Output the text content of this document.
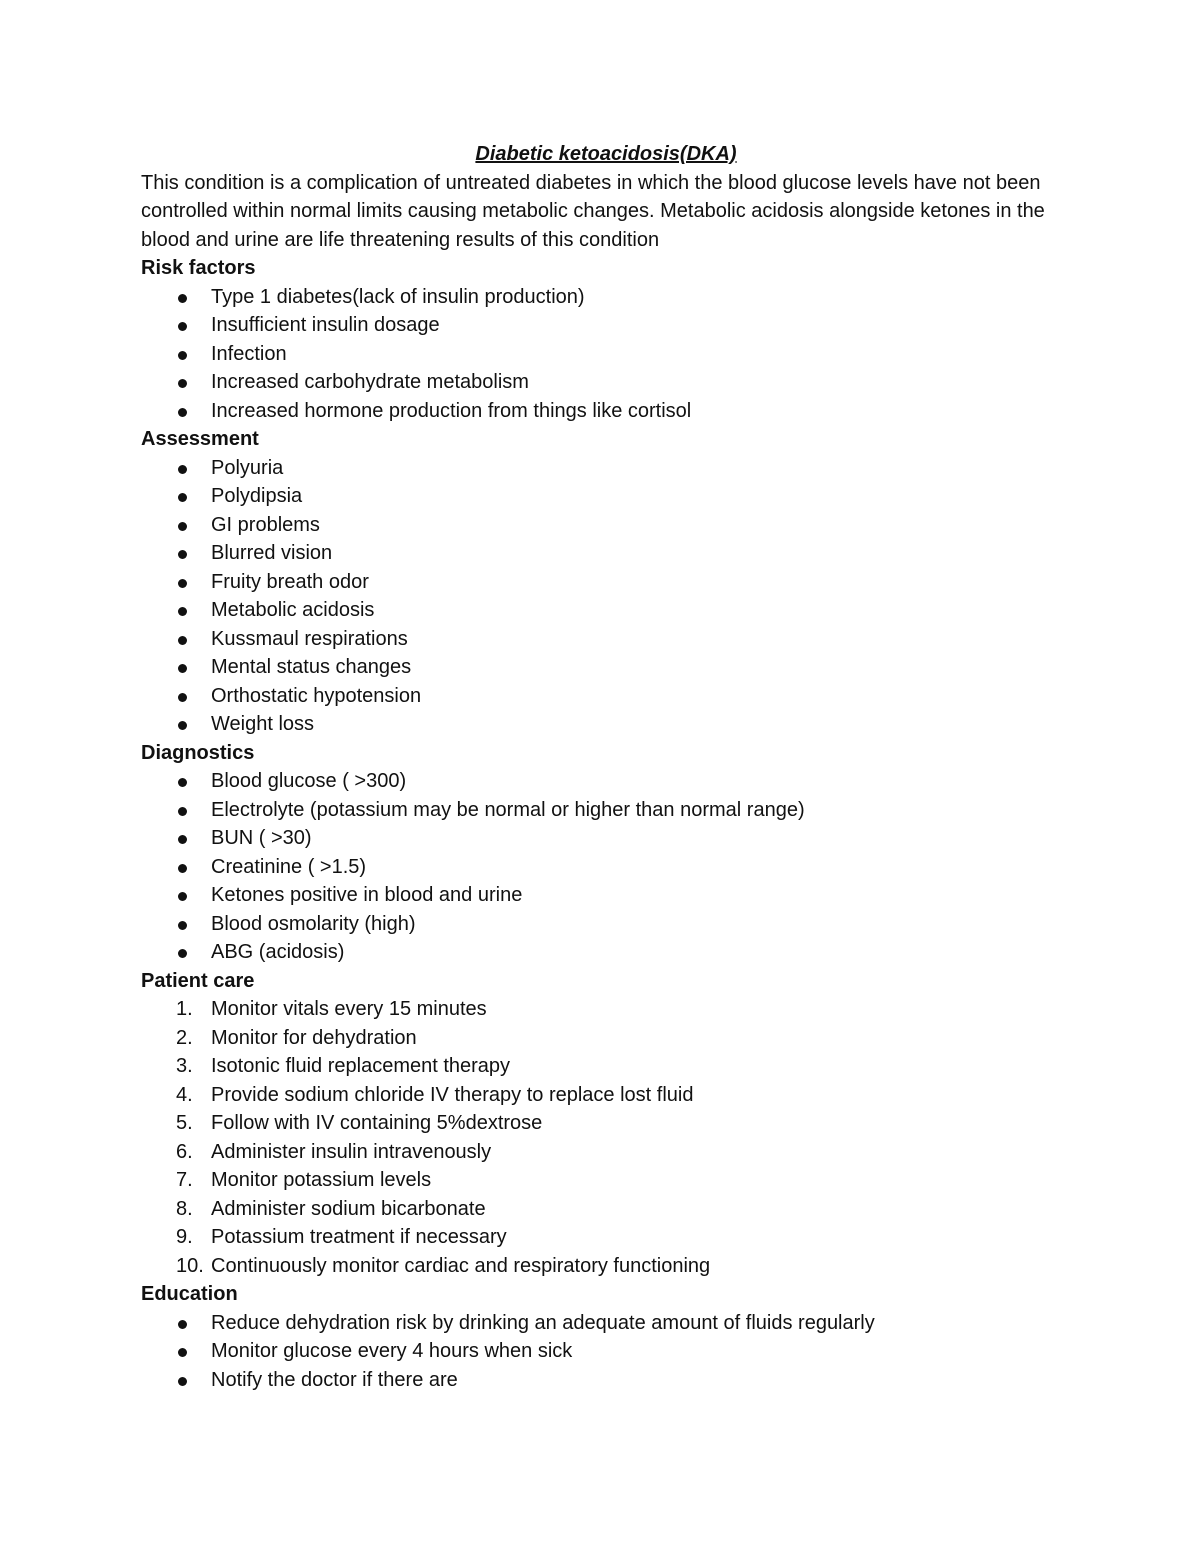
Diabetic ketoacidosis(DKA)

This condition is a complication of untreated diabetes in which the blood glucose levels have not been controlled within normal limits causing metabolic changes. Metabolic acidosis alongside ketones in the blood and urine are life threatening results of this condition

Risk factors

Type 1 diabetes(lack of insulin production)
Insufficient insulin dosage
Infection
Increased carbohydrate metabolism
Increased hormone production from things like cortisol

Assessment

Polyuria
Polydipsia
GI problems
Blurred vision
Fruity breath odor
Metabolic acidosis
Kussmaul respirations
Mental status changes
Orthostatic hypotension
Weight loss

Diagnostics

Blood glucose ( >300)
Electrolyte (potassium may be normal or higher than normal range)
BUN ( >30)
Creatinine ( >1.5)
Ketones positive in blood and urine
Blood osmolarity (high)
ABG (acidosis)

Patient care

1. Monitor vitals every 15 minutes
2. Monitor for dehydration
3. Isotonic fluid replacement therapy
4. Provide sodium chloride IV therapy to replace lost fluid
5. Follow with IV containing 5%dextrose
6. Administer insulin intravenously
7. Monitor potassium levels
8. Administer sodium bicarbonate
9. Potassium treatment if necessary
10. Continuously monitor cardiac and respiratory functioning

Education

Reduce dehydration risk by drinking an adequate amount of fluids regularly
Monitor glucose every 4 hours when sick
Notify the doctor if there are
